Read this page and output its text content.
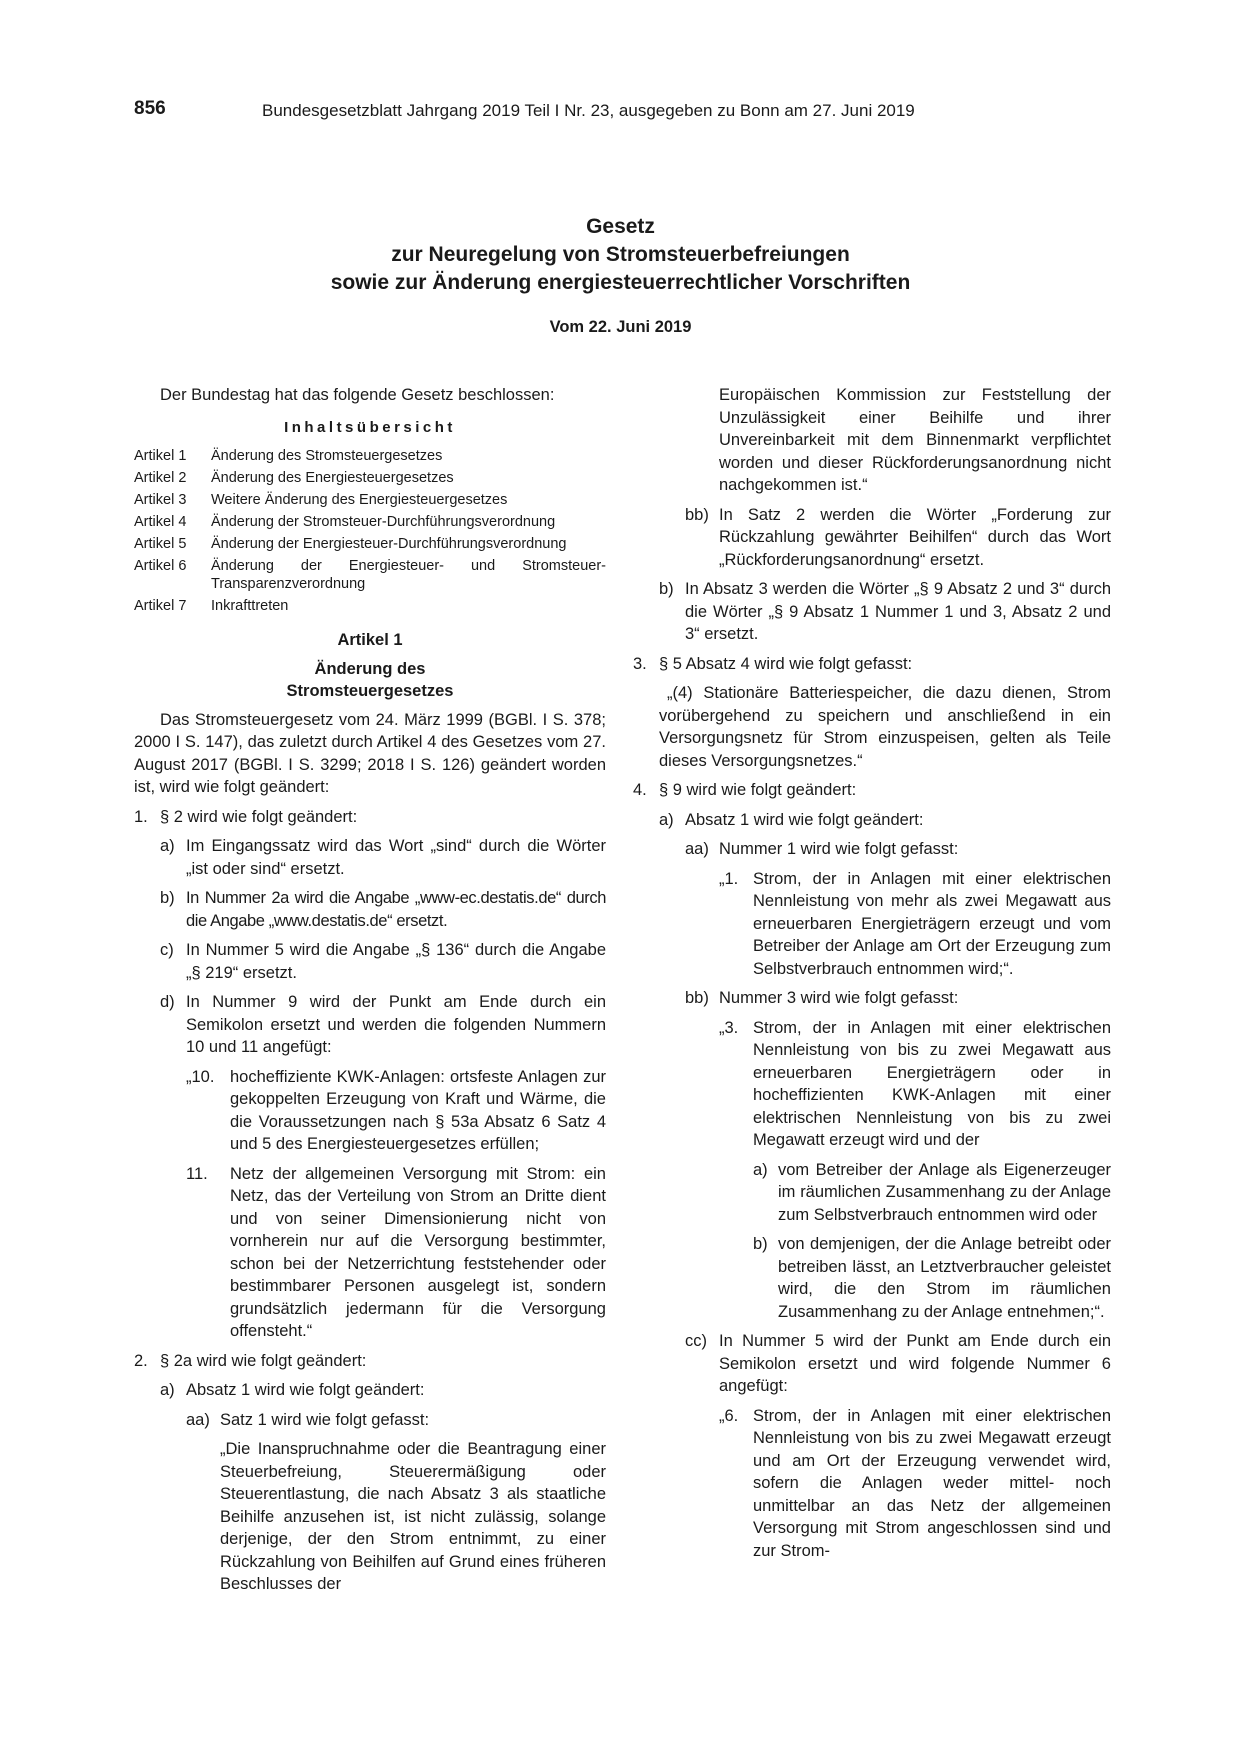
856	Bundesgesetzblatt Jahrgang 2019 Teil I Nr. 23, ausgegeben zu Bonn am 27. Juni 2019
Gesetz
zur Neuregelung von Stromsteuerbefreiungen
sowie zur Änderung energiesteuerrechtlicher Vorschriften
Vom 22. Juni 2019
Der Bundestag hat das folgende Gesetz beschlossen:
Inhaltsübersicht
Artikel 1	Änderung des Stromsteuergesetzes
Artikel 2	Änderung des Energiesteuergesetzes
Artikel 3	Weitere Änderung des Energiesteuergesetzes
Artikel 4	Änderung der Stromsteuer-Durchführungsverordnung
Artikel 5	Änderung der Energiesteuer-Durchführungsverordnung
Artikel 6	Änderung der Energiesteuer- und Stromsteuer-Transparenzverordnung
Artikel 7	Inkrafttreten
Artikel 1
Änderung des
Stromsteuergesetzes
Das Stromsteuergesetz vom 24. März 1999 (BGBl. I S. 378; 2000 I S. 147), das zuletzt durch Artikel 4 des Gesetzes vom 27. August 2017 (BGBl. I S. 3299; 2018 I S. 126) geändert worden ist, wird wie folgt geändert:
1. § 2 wird wie folgt geändert:
a) Im Eingangssatz wird das Wort „sind“ durch die Wörter „ist oder sind“ ersetzt.
b) In Nummer 2a wird die Angabe „www-ec.destatis.de“ durch die Angabe „www.destatis.de“ ersetzt.
c) In Nummer 5 wird die Angabe „§ 136“ durch die Angabe „§ 219“ ersetzt.
d) In Nummer 9 wird der Punkt am Ende durch ein Semikolon ersetzt und werden die folgenden Nummern 10 und 11 angefügt:
„10. hocheffiziente KWK-Anlagen: ortsfeste Anlagen zur gekoppelten Erzeugung von Kraft und Wärme, die die Voraussetzungen nach § 53a Absatz 6 Satz 4 und 5 des Energiesteuergesetzes erfüllen;
11.	Netz der allgemeinen Versorgung mit Strom: ein Netz, das der Verteilung von Strom an Dritte dient und von seiner Dimensionierung nicht von vornherein nur auf die Versorgung bestimmter, schon bei der Netzerrichtung feststehender oder bestimmbarer Personen ausgelegt ist, sondern grundsätzlich jedermann für die Versorgung offensteht.“
2. § 2a wird wie folgt geändert:
a) Absatz 1 wird wie folgt geändert:
aa) Satz 1 wird wie folgt gefasst:
„Die Inanspruchnahme oder die Beantragung einer Steuerbefreiung, Steuerermäßigung oder Steuerentlastung, die nach Absatz 3 als staatliche Beihilfe anzusehen ist, ist nicht zulässig, solange derjenige, der den Strom entnimmt, zu einer Rückzahlung von Beihilfen auf Grund eines früheren Beschlusses der
Europäischen Kommission zur Feststellung der Unzulässigkeit einer Beihilfe und ihrer Unvereinbarkeit mit dem Binnenmarkt verpflichtet worden und dieser Rückforderungsanordnung nicht nachgekommen ist.“
bb) In Satz 2 werden die Wörter „Forderung zur Rückzahlung gewährter Beihilfen“ durch das Wort „Rückforderungsanordnung“ ersetzt.
b) In Absatz 3 werden die Wörter „§ 9 Absatz 2 und 3“ durch die Wörter „§ 9 Absatz 1 Nummer 1 und 3, Absatz 2 und 3“ ersetzt.
3. § 5 Absatz 4 wird wie folgt gefasst:
„(4) Stationäre Batteriespeicher, die dazu dienen, Strom vorübergehend zu speichern und anschließend in ein Versorgungsnetz für Strom einzuspeisen, gelten als Teile dieses Versorgungsnetzes.“
4. § 9 wird wie folgt geändert:
a) Absatz 1 wird wie folgt geändert:
aa) Nummer 1 wird wie folgt gefasst:
„1. Strom, der in Anlagen mit einer elektrischen Nennleistung von mehr als zwei Megawatt aus erneuerbaren Energieträgern erzeugt und vom Betreiber der Anlage am Ort der Erzeugung zum Selbstverbrauch entnommen wird;“.
bb) Nummer 3 wird wie folgt gefasst:
„3. Strom, der in Anlagen mit einer elektrischen Nennleistung von bis zu zwei Megawatt aus erneuerbaren Energieträgern oder in hocheffizienten KWK-Anlagen mit einer elektrischen Nennleistung von bis zu zwei Megawatt erzeugt wird und der
a) vom Betreiber der Anlage als Eigenerzeuger im räumlichen Zusammenhang zu der Anlage zum Selbstverbrauch entnommen wird oder
b) von demjenigen, der die Anlage betreibt oder betreiben lässt, an Letztverbraucher geleistet wird, die den Strom im räumlichen Zusammenhang zu der Anlage entnehmen;“.
cc) In Nummer 5 wird der Punkt am Ende durch ein Semikolon ersetzt und wird folgende Nummer 6 angefügt:
„6. Strom, der in Anlagen mit einer elektrischen Nennleistung von bis zu zwei Megawatt erzeugt und am Ort der Erzeugung verwendet wird, sofern die Anlagen weder mittel- noch unmittelbar an das Netz der allgemeinen Versorgung mit Strom angeschlossen sind und zur Strom-
